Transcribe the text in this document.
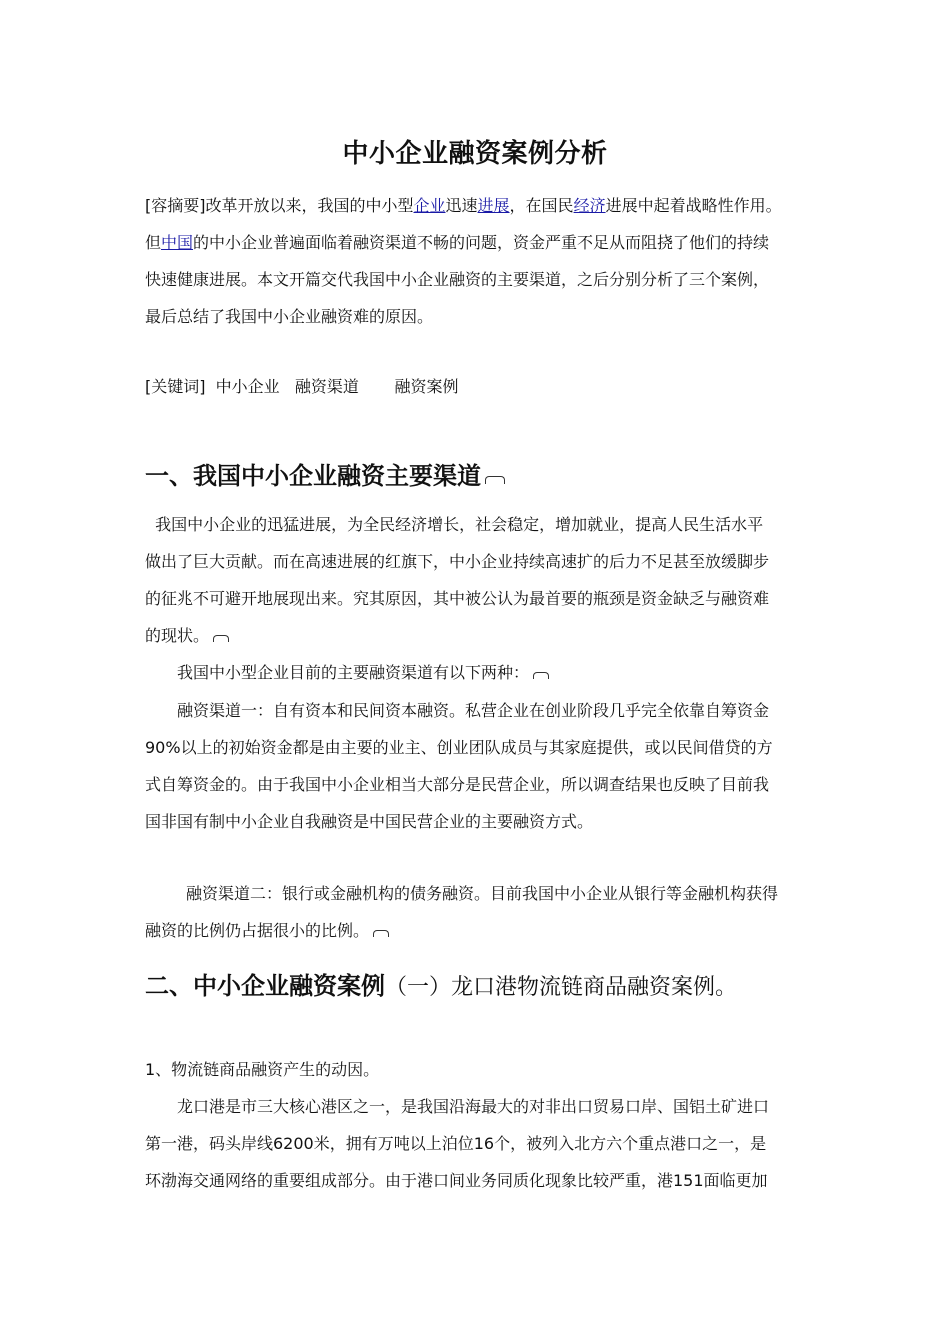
中小企业融资案例分析
[容摘要]改革开放以来，我国的中小型企业迅速进展，在国民经济进展中起着战略性作用。
但中国的中小企业普遍面临着融资渠道不畅的问题，资金严重不足从而阻挠了他们的持续
快速健康进展。本文开篇交代我国中小企业融资的主要渠道，之后分别分析了三个案例，
最后总结了我国中小企业融资难的原因。
[关键词]  中小企业   融资渠道       融资案例
一、我国中小企业融资主要渠道
我国中小企业的迅猛进展，为全民经济增长，社会稳定，增加就业，提高人民生活水平
做出了巨大贡献。而在高速进展的红旗下，中小企业持续高速扩的后力不足甚至放缓脚步
的征兆不可避开地展现出来。究其原因，其中被公认为最首要的瓶颈是资金缺乏与融资难
的现状。
我国中小型企业目前的主要融资渠道有以下两种：
融资渠道一：自有资本和民间资本融资。私营企业在创业阶段几乎完全依靠自筹资金
90%以上的初始资金都是由主要的业主、创业团队成员与其家庭提供，或以民间借贷的方
式自筹资金的。由于我国中小企业相当大部分是民营企业，所以调查结果也反映了目前我
国非国有制中小企业自我融资是中国民营企业的主要融资方式。
融资渠道二：银行或金融机构的债务融资。目前我国中小企业从银行等金融机构获得
融资的比例仍占据很小的比例。
二、中小企业融资案例（一）龙口港物流链商品融资案例。
1、物流链商品融资产生的动因。
龙口港是市三大核心港区之一，是我国沿海最大的对非出口贸易口岸、国铝土矿进口
第一港，码头岸线6200米，拥有万吨以上泊位16个，被列入北方六个重点港口之一，是
环渤海交通网络的重要组成部分。由于港口间业务同质化现象比较严重，港151面临更加
